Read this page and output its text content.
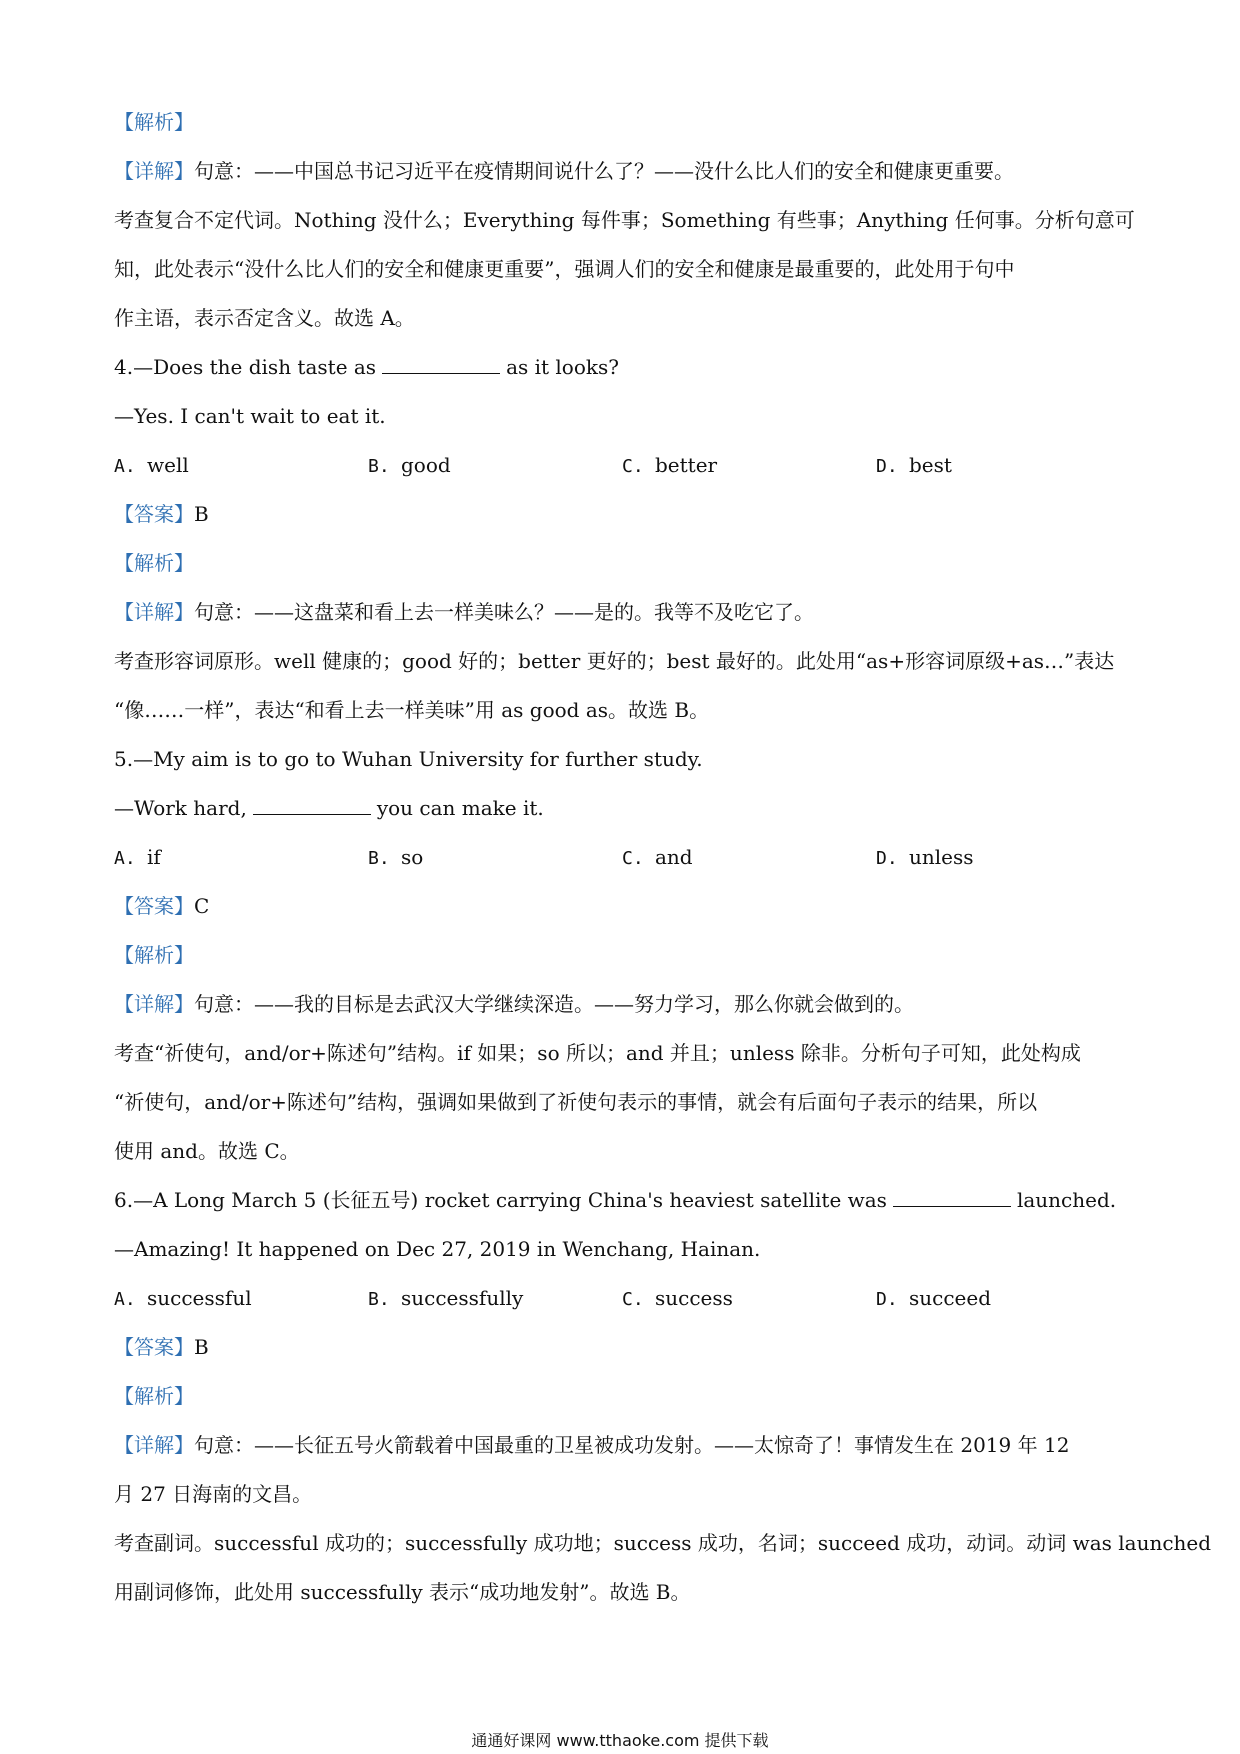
【解析】
【详解】句意：——中国总书记习近平在疫情期间说什么了？——没什么比人们的安全和健康更重要。
考查复合不定代词。Nothing 没什么；Everything 每件事；Something 有些事；Anything 任何事。分析句意可
知，此处表示“没什么比人们的安全和健康更重要”，强调人们的安全和健康是最重要的，此处用于句中
作主语，表示否定含义。故选 A。
4.—Does the dish taste as	as it looks?
—Yes. I can't wait to eat it.
A. well	B. good	C. better	D. best
【答案】B
【解析】
【详解】句意：——这盘菜和看上去一样美味么？——是的。我等不及吃它了。
考查形容词原形。well 健康的；good 好的；better 更好的；best 最好的。此处用“as+形容词原级+as…”表达
“像……一样”，表达“和看上去一样美味”用 as good as。故选 B。
5.—My aim is to go to Wuhan University for further study.
—Work hard,	you can make it.
A. if	B. so	C. and	D. unless
【答案】C
【解析】
【详解】句意：——我的目标是去武汉大学继续深造。——努力学习，那么你就会做到的。
考查“祈使句，and/or+陈述句”结构。if 如果；so 所以；and 并且；unless 除非。分析句子可知，此处构成
“祈使句，and/or+陈述句”结构，强调如果做到了祈使句表示的事情，就会有后面句子表示的结果，所以
使用 and。故选 C。
6.—A Long March 5 (长征五号) rocket carrying China's heaviest satellite was	launched.
—Amazing! It happened on Dec 27, 2019 in Wenchang, Hainan.
A. successful	B. successfully	C. success	D. succeed
【答案】B
【解析】
【详解】句意：——长征五号火箭载着中国最重的卫星被成功发射。——太惊奇了！事情发生在 2019 年 12
月 27 日海南的文昌。
考查副词。successful 成功的；successfully 成功地；success 成功，名词；succeed 成功，动词。动词 was launched
用副词修饰，此处用 successfully 表示“成功地发射”。故选 B。
通通好课网 www.tthaoke.com 提供下载
